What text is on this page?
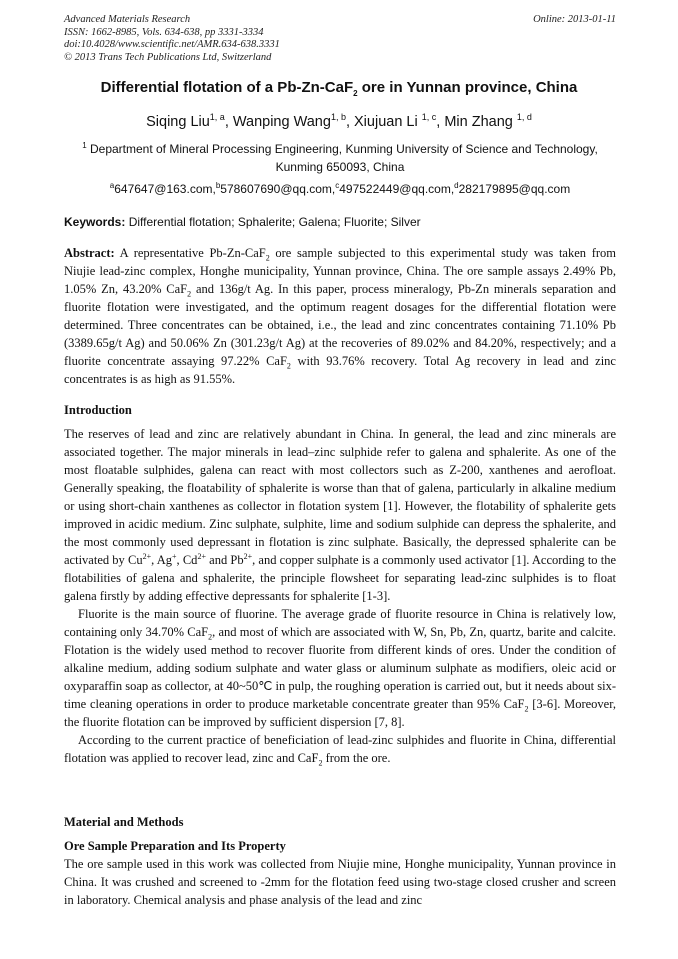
Advanced Materials Research
ISSN: 1662-8985, Vols. 634-638, pp 3331-3334
doi:10.4028/www.scientific.net/AMR.634-638.3331
© 2013 Trans Tech Publications Ltd, Switzerland
Online: 2013-01-11
Differential flotation of a Pb-Zn-CaF$_2$ ore in Yunnan province, China
Siqing Liu$^{1, a}$, Wanping Wang$^{1, b}$, Xiujuan Li $^{1, c}$, Min Zhang $^{1, d}$
$^1$ Department of Mineral Processing Engineering, Kunming University of Science and Technology, Kunming 650093, China
$^a$647647@163.com,$^b$578607690@qq.com,$^c$497522449@qq.com,$^d$282179895@qq.com
Keywords: Differential flotation; Sphalerite; Galena; Fluorite; Silver

Abstract: A representative Pb-Zn-CaF$_2$ ore sample subjected to this experimental study was taken from Niujie lead-zinc complex, Honghe municipality, Yunnan province, China. The ore sample assays 2.49% Pb, 1.05% Zn, 43.20% CaF$_2$ and 136g/t Ag. In this paper, process mineralogy, Pb-Zn minerals separation and fluorite flotation were investigated, and the optimum reagent dosages for the differential flotation were determined. Three concentrates can be obtained, i.e., the lead and zinc concentrates containing 71.10% Pb (3389.65g/t Ag) and 50.06% Zn (301.23g/t Ag) at the recoveries of 89.02% and 84.20%, respectively; and a fluorite concentrate assaying 97.22% CaF$_2$ with 93.76% recovery. Total Ag recovery in lead and zinc concentrates is as high as 91.55%.

Introduction

The reserves of lead and zinc are relatively abundant in China. In general, the lead and zinc minerals are associated together. The major minerals in lead–zinc sulphide refer to galena and sphalerite. As one of the most floatable sulphides, galena can react with most collectors such as Z-200, xanthenes and aerofloat. Generally speaking, the floatability of sphalerite is worse than that of galena, particularly in alkaline medium or using short-chain xanthenes as collector in flotation system [1]. However, the flotability of sphalerite gets improved in acidic medium. Zinc sulphate, sulphite, lime and sodium sulphide can depress the sphalerite, and the most commonly used depressant in flotation is zinc sulphate. Basically, the depressed sphalerite can be activated by $Cu^{2+}$, Ag+, $Cd^{2+}$ and $Pb^{2+}$, and copper sulphate is a commonly used activator [1]. According to the flotabilities of galena and sphalerite, the principle flowsheet for separating lead-zinc sulphides is to float galena firstly by adding effective depressants for sphalerite [1-3].

Fluorite is the main source of fluorine. The average grade of fluorite resource in China is relatively low, containing only 34.70% CaF$_2$, and most of which are associated with W, Sn, Pb, Zn, quartz, barite and calcite. Flotation is the widely used method to recover fluorite from different kinds of ores. Under the condition of alkaline medium, adding sodium sulphate and water glass or aluminum sulphate as modifiers, oleic acid or oxyparaffin soap as collector, at 40~50℃ in pulp, the roughing operation is carried out, but it needs about six-time cleaning operations in order to produce marketable concentrate greater than 95% CaF$_2$ [3-6]. Moreover, the fluorite flotation can be improved by sufficient dispersion [7, 8].

According to the current practice of beneficiation of lead-zinc sulphides and fluorite in China, differential flotation was applied to recover lead, zinc and CaF$_2$ from the ore.

Material and Methods
Ore Sample Preparation and Its Property

The ore sample used in this work was collected from Niujie mine, Honghe municipality, Yunnan province in China. It was crushed and screened to -2mm for the flotation feed using two-stage closed crusher and screen in laboratory. Chemical analysis and phase analysis of the lead and zinc
